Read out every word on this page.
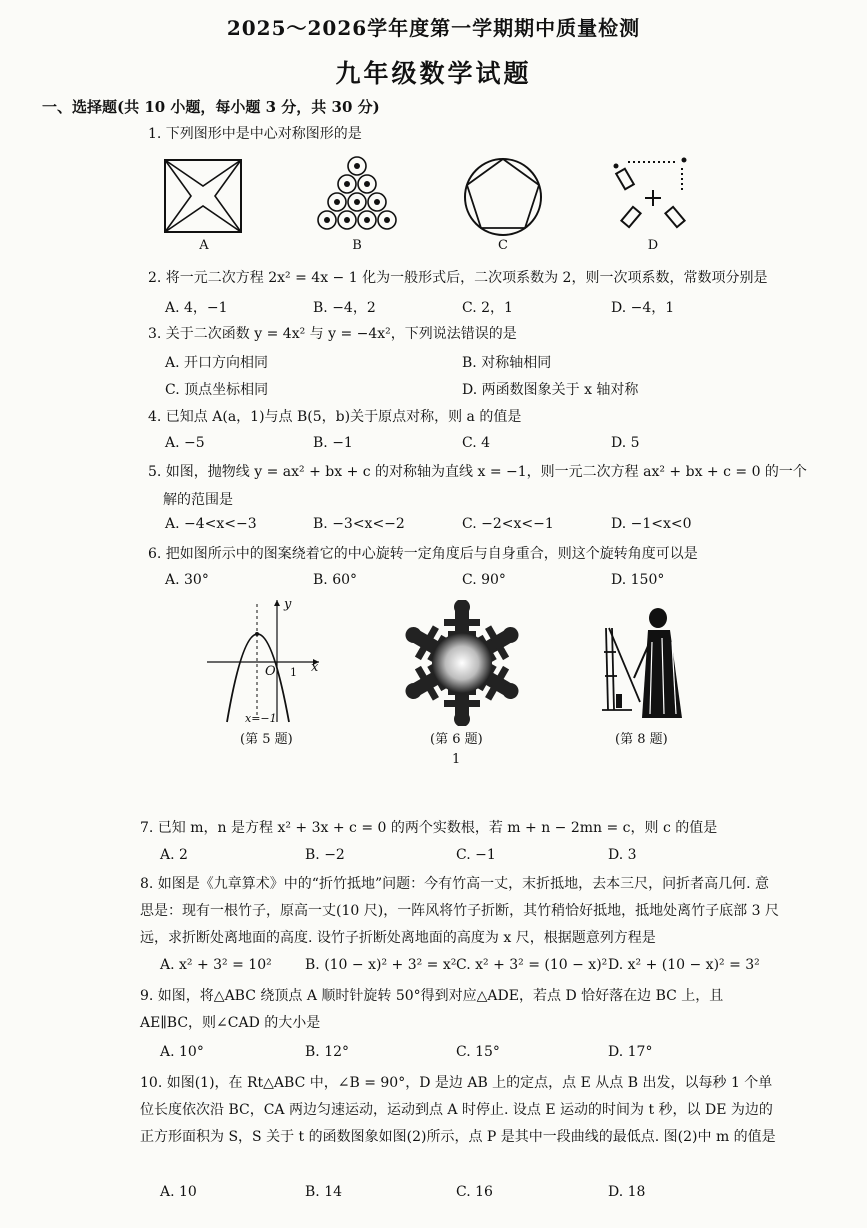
2025～2026学年度第一学期期中质量检测
九年级数学试题
一、选择题(共 10 小题，每小题 3 分，共 30 分)
1. 下列图形中是中心对称图形的是
A	B	C	D
2. 将一元二次方程 2x² = 4x − 1 化为一般形式后，二次项系数为 2，则一次项系数，常数项分别是
A. 4，−1	B. −4，2	C. 2，1	D. −4，1
3. 关于二次函数 y = 4x² 与 y = −4x²，下列说法错误的是
A. 开口方向相同	B. 对称轴相同
C. 顶点坐标相同	D. 两函数图象关于 x 轴对称
4. 已知点 A(a，1)与点 B(5，b)关于原点对称，则 a 的值是
A. −5	B. −1	C. 4	D. 5
5. 如图，抛物线 y = ax² + bx + c 的对称轴为直线 x = −1，则一元二次方程 ax² + bx + c = 0 的一个
解的范围是
A. −4<x<−3	B. −3<x<−2	C. −2<x<−1	D. −1<x<0
6. 把如图所示中的图案绕着它的中心旋转一定角度后与自身重合，则这个旋转角度可以是
A. 30°	B. 60°	C. 90°	D. 150°
y
x
O 1
x=−1
(第 5 题)	(第 6 题)	(第 8 题)
1
7. 已知 m，n 是方程 x² + 3x + c = 0 的两个实数根，若 m + n − 2mn = c，则 c 的值是
A. 2	B. −2	C. −1	D. 3
8. 如图是《九章算术》中的“折竹抵地”问题：今有竹高一丈，末折抵地，去本三尺，问折者高几何. 意思是：现有一根竹子，原高一丈(10 尺)，一阵风将竹子折断，其竹稍恰好抵地，抵地处离竹子底部 3 尺远，求折断处离地面的高度. 设竹子折断处离地面的高度为 x 尺，根据题意列方程是
A. x² + 3² = 10² B. (10 − x)² + 3² = x² C. x² + 3² = (10 − x)² D. x² + (10 − x)² = 3²
9. 如图，将△ABC 绕顶点 A 顺时针旋转 50°得到对应△ADE，若点 D 恰好落在边 BC 上，且 AE∥BC，则∠CAD 的大小是
A. 10°	B. 12°	C. 15°	D. 17°
10. 如图(1)，在 Rt△ABC 中，∠B = 90°，D 是边 AB 上的定点，点 E 从点 B 出发，以每秒 1 个单位长度依次沿 BC，CA 两边匀速运动，运动到点 A 时停止. 设点 E 运动的时间为 t 秒，以 DE 为边的正方形面积为 S，S 关于 t 的函数图象如图(2)所示，点 P 是其中一段曲线的最低点. 图(2)中 m 的值是
A. 10	B. 14	C. 16	D. 18
